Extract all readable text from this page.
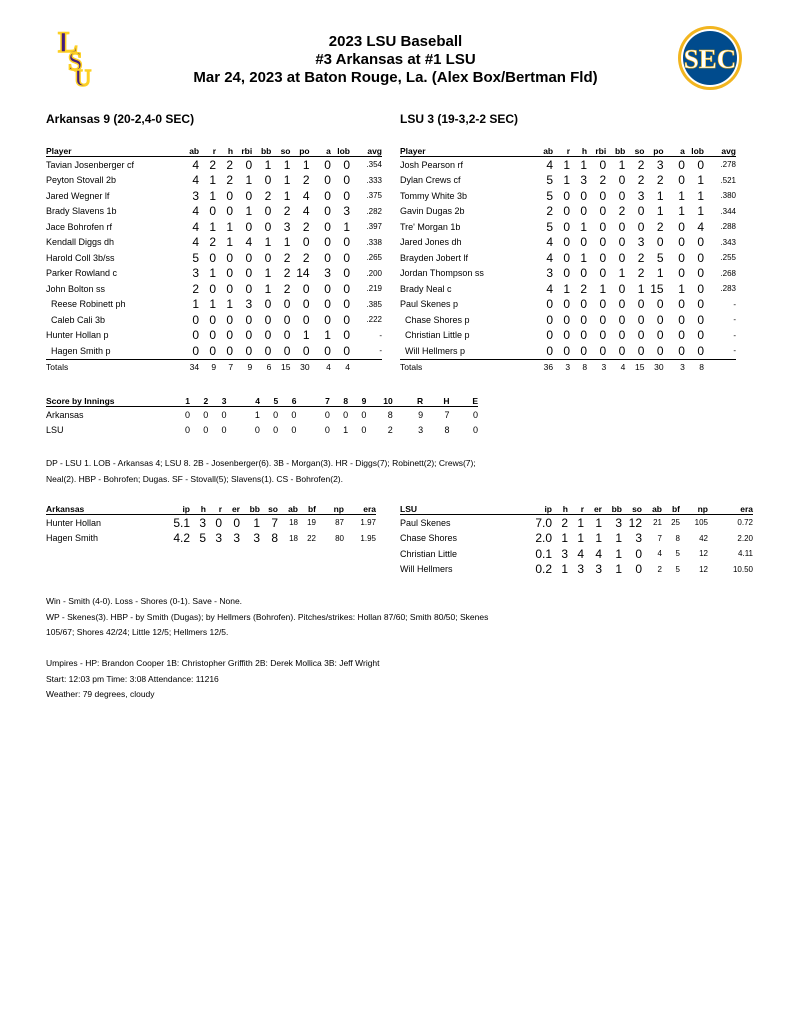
L
S
U
SEC
2023 LSU Baseball
#3 Arkansas at #1 LSU
Mar 24, 2023 at Baton Rouge, La. (Alex Box/Bertman Fld)
Arkansas 9 (20-2,4-0 SEC)	LSU 3 (19-3,2-2 SEC)
Player	ab	r	h	rbi	bb	so	po	a	lob	avg
Tavian Josenberger cf	4	2	2	0	1	1	1	0	0	.354
Peyton Stovall 2b	4	1	2	1	0	1	2	0	0	.333
Jared Wegner lf	3	1	0	0	2	1	4	0	0	.375
Brady Slavens 1b	4	0	0	1	0	2	4	0	3	.282
Jace Bohrofen rf	4	1	1	0	0	3	2	0	1	.397
Kendall Diggs dh	4	2	1	4	1	1	0	0	0	.338
Harold Coll 3b/ss	5	0	0	0	0	2	2	0	0	.265
Parker Rowland c	3	1	0	0	1	2	14	3	0	.200
John Bolton ss	2	0	0	0	1	2	0	0	0	.219
Reese Robinett ph	1	1	1	3	0	0	0	0	0	.385
Caleb Cali 3b	0	0	0	0	0	0	0	0	0	.222
Hunter Hollan p	0	0	0	0	0	0	1	1	0	-
Hagen Smith p	0	0	0	0	0	0	0	0	0	-
Totals	34	9	7	9	6	15	30	4	4	
Player	ab	r	h	rbi	bb	so	po	a	lob	avg
Josh Pearson rf	4	1	1	0	1	2	3	0	0	.278
Dylan Crews cf	5	1	3	2	0	2	2	0	1	.521
Tommy White 3b	5	0	0	0	0	3	1	1	1	.380
Gavin Dugas 2b	2	0	0	0	2	0	1	1	1	.344
Tre' Morgan 1b	5	0	1	0	0	0	2	0	4	.288
Jared Jones dh	4	0	0	0	0	3	0	0	0	.343
Brayden Jobert lf	4	0	1	0	0	2	5	0	0	.255
Jordan Thompson ss	3	0	0	0	1	2	1	0	0	.268
Brady Neal c	4	1	2	1	0	1	15	1	0	.283
Paul Skenes p	0	0	0	0	0	0	0	0	0	-
Chase Shores p	0	0	0	0	0	0	0	0	0	-
Christian Little p	0	0	0	0	0	0	0	0	0	-
Will Hellmers p	0	0	0	0	0	0	0	0	0	-
Totals	36	3	8	3	4	15	30	3	8	
Score by Innings	1	2	3	4	5	6	7	8	9	10	R	H	E
Arkansas	0	0	0	1	0	0	0	0	0	8	9	7	0
LSU	0	0	0	0	0	0	0	1	0	2	3	8	0
DP - LSU 1. LOB - Arkansas 4; LSU 8. 2B - Josenberger(6). 3B - Morgan(3). HR - Diggs(7); Robinett(2); Crews(7);
Neal(2). HBP - Bohrofen; Dugas. SF - Stovall(5); Slavens(1). CS - Bohrofen(2).
Arkansas	ip	h	r	er	bb	so	ab	bf	np	era
Hunter Hollan	5.1	3	0	0	1	7	18	19	87	1.97
Hagen Smith	4.2	5	3	3	3	8	18	22	80	1.95
LSU	ip	h	r	er	bb	so	ab	bf	np	era
Paul Skenes	7.0	2	1	1	3	12	21	25	105	0.72
Chase Shores	2.0	1	1	1	1	3	7	8	42	2.20
Christian Little	0.1	3	4	4	1	0	4	5	12	4.11
Will Hellmers	0.2	1	3	3	1	0	2	5	12	10.50
Win - Smith (4-0). Loss - Shores (0-1). Save - None.
WP - Skenes(3). HBP - by Smith (Dugas); by Hellmers (Bohrofen). Pitches/strikes: Hollan 87/60; Smith 80/50; Skenes
105/67; Shores 42/24; Little 12/5; Hellmers 12/5.
Umpires - HP: Brandon Cooper 1B: Christopher Griffith 2B: Derek Mollica 3B: Jeff Wright
Start: 12:03 pm Time: 3:08 Attendance: 11216
Weather: 79 degrees, cloudy
